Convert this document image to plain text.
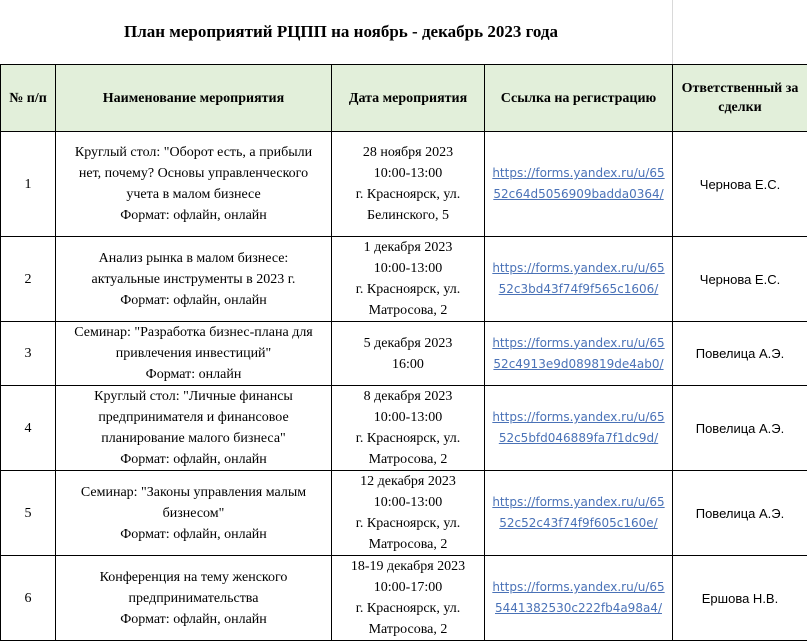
План мероприятий РЦПП на ноябрь - декабрь 2023 года
№ п/п	Наименование мероприятия	Дата мероприятия	Ссылка на регистрацию	Ответственный за сделки
1	Круглый стол: "Оборот есть, а прибыли
нет, почему? Основы управленческого
учета в малом бизнесе
Формат: офлайн, онлайн	28 ноября 2023
10:00-13:00
г. Красноярск, ул.
Белинского, 5	https://forms.yandex.ru/u/6552c64d5056909badda0364/	Чернова Е.С.
2	Анализ рынка в малом бизнесе:
актуальные инструменты в 2023 г.
Формат: офлайн, онлайн	1 декабря 2023
10:00-13:00
г. Красноярск, ул.
Матросова, 2	https://forms.yandex.ru/u/6552c3bd43f74f9f565c1606/	Чернова Е.С.
3	Семинар: "Разработка бизнес-плана для
привлечения инвестиций"
Формат: онлайн	5 декабря 2023
16:00	https://forms.yandex.ru/u/6552c4913e9d089819de4ab0/	Повелица А.Э.
4	Круглый стол: "Личные финансы
предпринимателя и финансовое
планирование малого бизнеса"
Формат: офлайн, онлайн	8 декабря 2023
10:00-13:00
г. Красноярск, ул.
Матросова, 2	https://forms.yandex.ru/u/6552c5bfd046889fa7f1dc9d/	Повелица А.Э.
5	Семинар: "Законы управления малым
бизнесом"
Формат: офлайн, онлайн	12 декабря 2023
10:00-13:00
г. Красноярск, ул.
Матросова, 2	https://forms.yandex.ru/u/6552c52c43f74f9f605c160e/	Повелица А.Э.
6	Конференция на тему женского
предпринимательства
Формат: офлайн, онлайн	18-19 декабря 2023
10:00-17:00
г. Красноярск, ул.
Матросова, 2	https://forms.yandex.ru/u/655441382530c222fb4a98a4/	Ершова Н.В.
